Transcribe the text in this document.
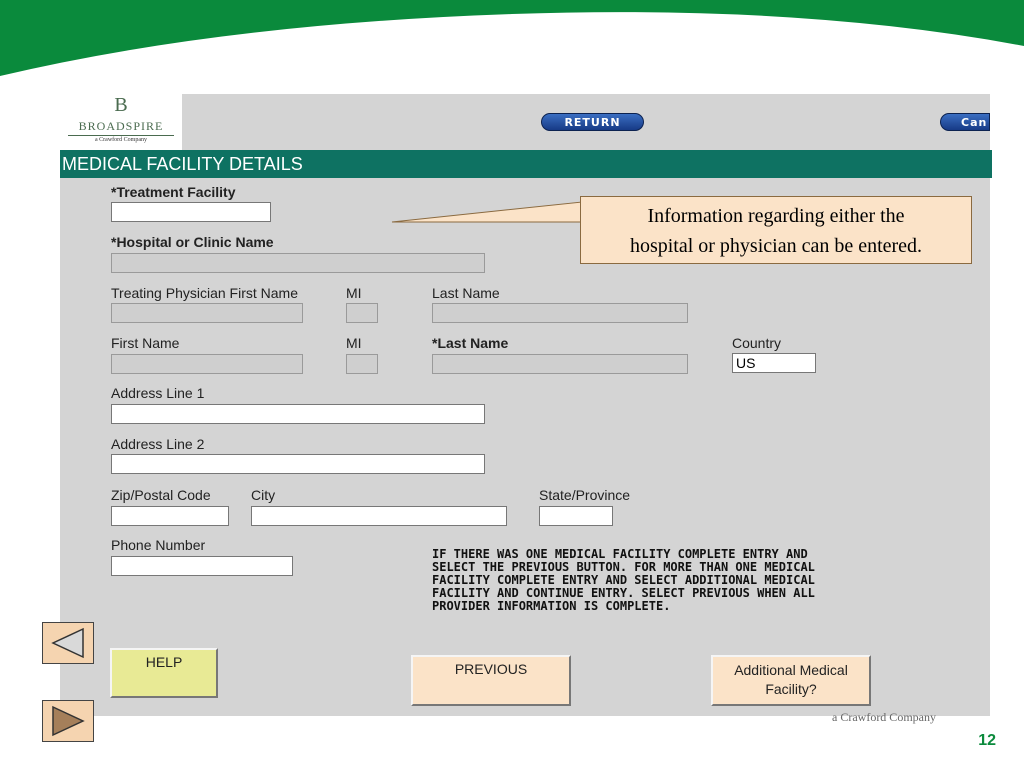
B
BROADSPIRE
a Crawford Company
RETURN	Can
MEDICAL FACILITY DETAILS
*Treatment Facility
*Hospital or Clinic Name
Treating Physician First Name	MI	Last Name
First Name	MI	*Last Name	Country
US
Address Line 1
Address Line 2
Zip/Postal Code	City	State/Province
Phone Number
IF THERE WAS ONE MEDICAL FACILITY COMPLETE ENTRY AND
SELECT THE PREVIOUS BUTTON. FOR MORE THAN ONE MEDICAL
FACILITY COMPLETE ENTRY AND SELECT ADDITIONAL MEDICAL
FACILITY AND CONTINUE ENTRY. SELECT PREVIOUS WHEN ALL
PROVIDER INFORMATION IS COMPLETE.
Information regarding either the
hospital or physician can be entered.
HELP	PREVIOUS	Additional Medical
Facility?
a Crawford Company
12
